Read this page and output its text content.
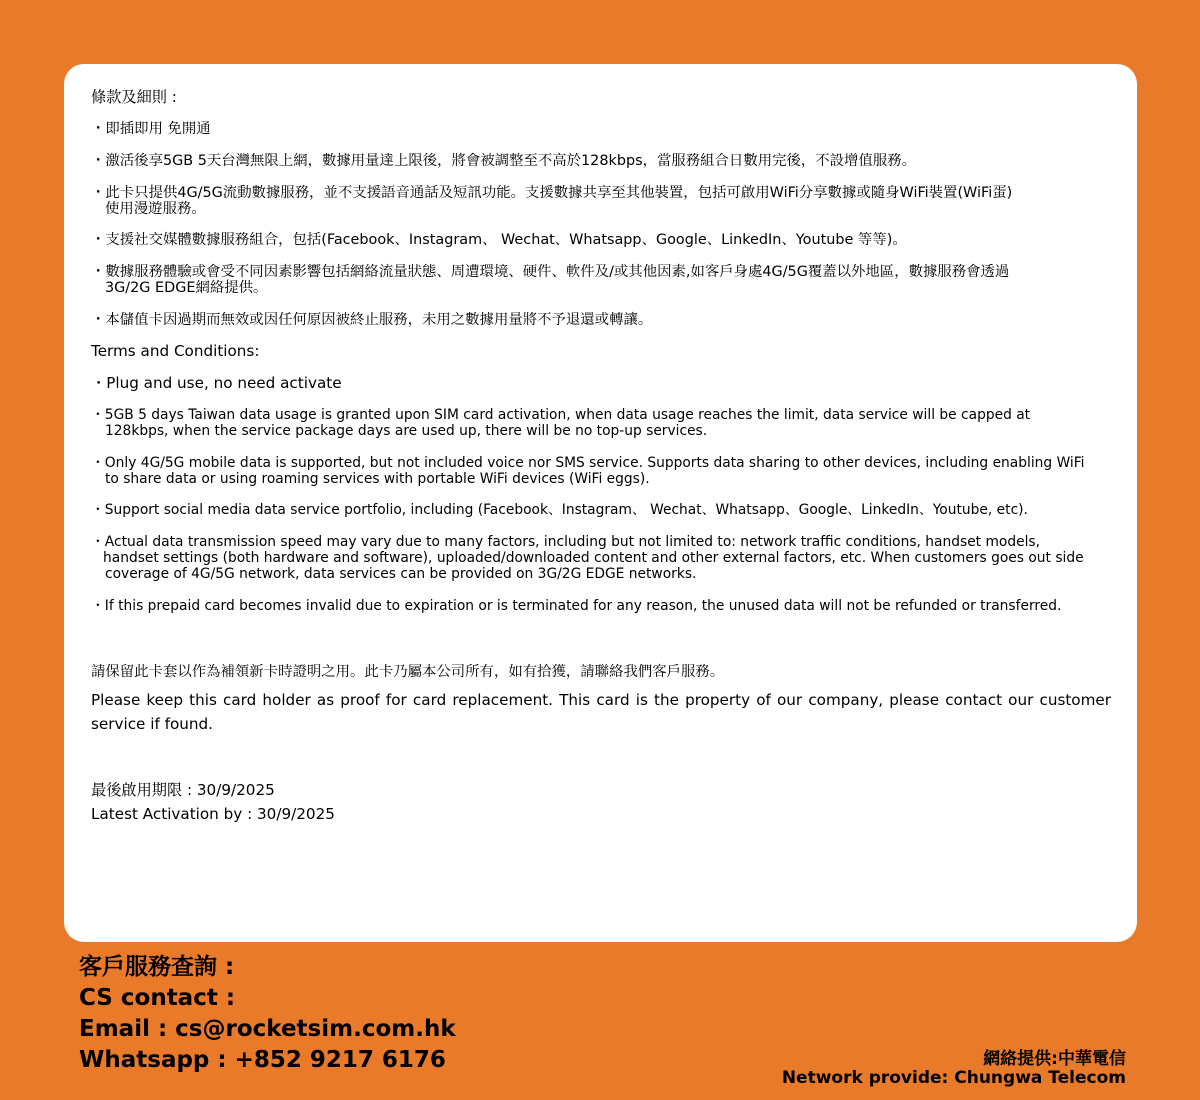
條款及細則 :
・即插即用 免開通
・激活後享5GB 5天台灣無限上網，數據用量達上限後，將會被調整至不高於128kbps，當服務組合日數用完後，不設增值服務。
・此卡只提供4G/5G流動數據服務，並不支援語音通話及短訊功能。支援數據共享至其他裝置，包括可啟用WiFi分享數據或隨身WiFi裝置(WiFi蛋)
使用漫遊服務。
・支援社交媒體數據服務組合，包括(Facebook、Instagram、 Wechat、Whatsapp、Google、LinkedIn、Youtube 等等)。
・數據服務體驗或會受不同因素影響包括網絡流量狀態、周遭環境、硬件、軟件及/或其他因素,如客戶身處4G/5G覆蓋以外地區，數據服務會透過
3G/2G EDGE網絡提供。
・本儲值卡因過期而無效或因任何原因被終止服務，未用之數據用量將不予退還或轉讓。
Terms and Conditions:
・Plug and use, no need activate
・5GB 5 days Taiwan data usage is granted upon SIM card activation, when data usage reaches the limit, data service will be capped at
128kbps, when the service package days are used up, there will be no top-up services.
・Only 4G/5G mobile data is supported, but not included voice nor SMS service. Supports data sharing to other devices, including enabling WiFi
to share data or using roaming services with portable WiFi devices (WiFi eggs).
・Support social media data service portfolio, including (Facebook、Instagram、 Wechat、Whatsapp、Google、LinkedIn、Youtube, etc).
・Actual data transmission speed may vary due to many factors, including but not limited to: network traffic conditions, handset models,
handset settings (both hardware and software), uploaded/downloaded content and other external factors, etc. When customers goes out side
coverage of 4G/5G network, data services can be provided on 3G/2G EDGE networks.
・If this prepaid card becomes invalid due to expiration or is terminated for any reason, the unused data will not be refunded or transferred.
請保留此卡套以作為補領新卡時證明之用。此卡乃屬本公司所有，如有拾獲，請聯絡我們客戶服務。
Please keep this card holder as proof for card replacement. This card is the property of our company, please contact our customer service if found.
最後啟用期限 : 30/9/2025
Latest Activation by : 30/9/2025
客戶服務查詢 :
CS contact :
Email : cs@rocketsim.com.hk
Whatsapp : +852 9217 6176	網絡提供:中華電信
Network provide: Chungwa Telecom
